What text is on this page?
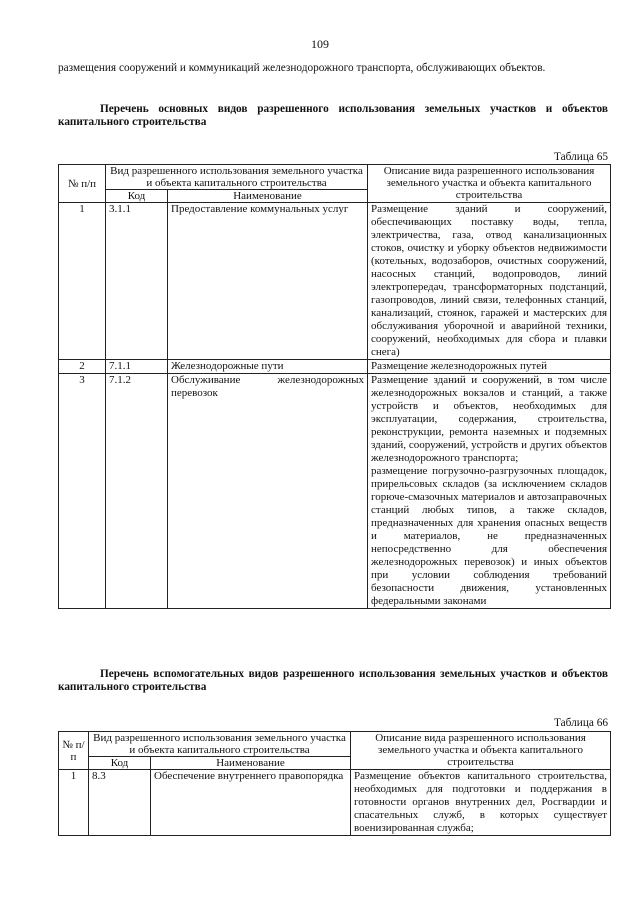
109
размещения сооружений и коммуникаций железнодорожного транспорта, обслуживающих объектов.
Перечень основных видов разрешенного использования земельных участков и объектов капитального строительства
Таблица 65
№ п/п	Вид разрешенного использования земельного участка и объекта капитального строительства		Описание вида разрешенного использования земельного участка и объекта капитального строительства
	Код	Наименование	
1	3.1.1	Предоставление коммунальных услуг	Размещение зданий и сооружений, обеспечивающих поставку воды, тепла, электричества, газа, отвод канализационных стоков, очистку и уборку объектов недвижимости (котельных, водозаборов, очистных сооружений, насосных станций, водопроводов, линий электропередач, трансформаторных подстанций, газопроводов, линий связи, телефонных станций, канализаций, стоянок, гаражей и мастерских для обслуживания уборочной и аварийной техники, сооружений, необходимых для сбора и плавки снега)
2	7.1.1	Железнодорожные пути	Размещение железнодорожных путей
3	7.1.2	Обслуживание железнодорожных перевозок	Размещение зданий и сооружений, в том числе железнодорожных вокзалов и станций, а также устройств и объектов, необходимых для эксплуатации, содержания, строительства, реконструкции, ремонта наземных и подземных зданий, сооружений, устройств и других объектов железнодорожного транспорта;
размещение погрузочно-разгрузочных площадок, прирельсовых складов (за исключением складов горюче-смазочных материалов и автозаправочных станций любых типов, а также складов, предназначенных для хранения опасных веществ и материалов, не предназначенных непосредственно для обеспечения железнодорожных перевозок) и иных объектов при условии соблюдения требований безопасности движения, установленных федеральными законами
Перечень вспомогательных видов разрешенного использования земельных участков и объектов капитального строительства
Таблица 66
№ п/п	Вид разрешенного использования земельного участка и объекта капитального строительства		Описание вида разрешенного использования земельного участка и объекта капитального строительства
	Код	Наименование	
1	8.3	Обеспечение внутреннего правопорядка	Размещение объектов капитального строительства, необходимых для подготовки и поддержания в готовности органов внутренних дел, Росгвардии и спасательных служб, в которых существует военизированная служба;
